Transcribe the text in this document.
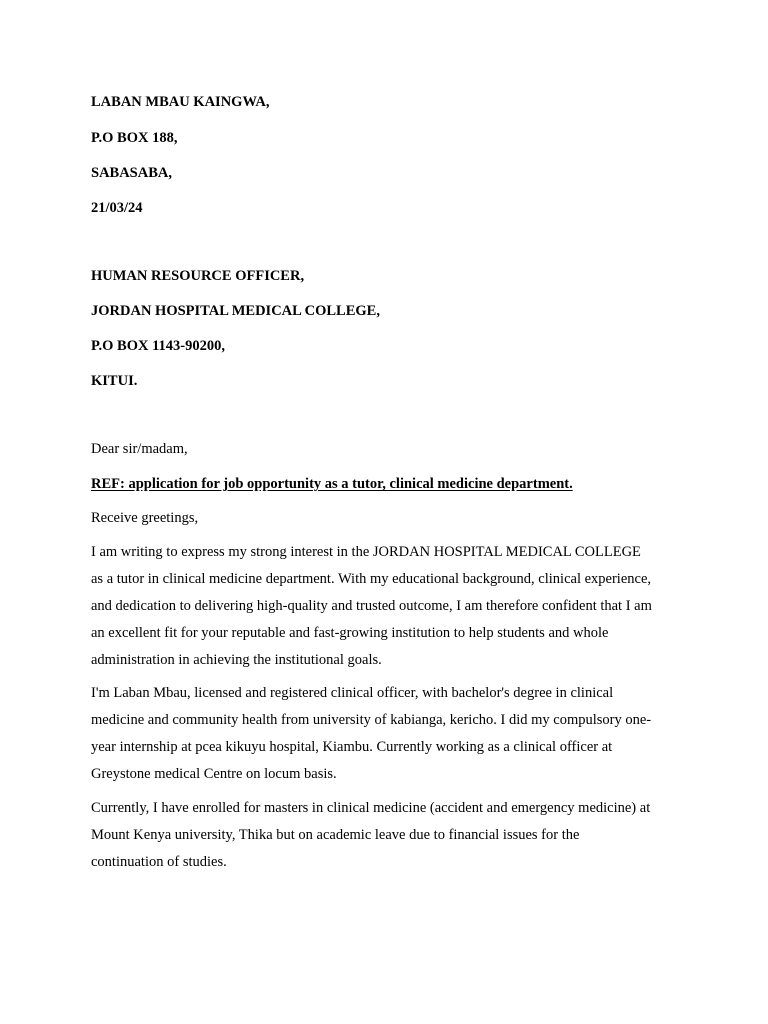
LABAN MBAU KAINGWA,
P.O BOX 188,
SABASABA,
21/03/24
HUMAN RESOURCE OFFICER,
JORDAN HOSPITAL MEDICAL COLLEGE,
P.O BOX 1143-90200,
KITUI.
Dear sir/madam,
REF: application for job opportunity as a tutor, clinical medicine department.
Receive greetings,
I am writing to express my strong interest in the JORDAN HOSPITAL MEDICAL COLLEGE
as a tutor in clinical medicine department. With my educational background, clinical experience,
and dedication to delivering high-quality and trusted outcome, I am therefore confident that I am
an excellent fit for your reputable and fast-growing institution to help students and whole
administration in achieving the institutional goals.
I'm Laban Mbau, licensed and registered clinical officer, with bachelor's degree in clinical
medicine and community health from university of kabianga, kericho. I did my compulsory one-
year internship at pcea kikuyu hospital, Kiambu. Currently working as a clinical officer at
Greystone medical Centre on locum basis.
Currently, I have enrolled for masters in clinical medicine (accident and emergency medicine) at
Mount Kenya university, Thika but on academic leave due to financial issues for the
continuation of studies.
